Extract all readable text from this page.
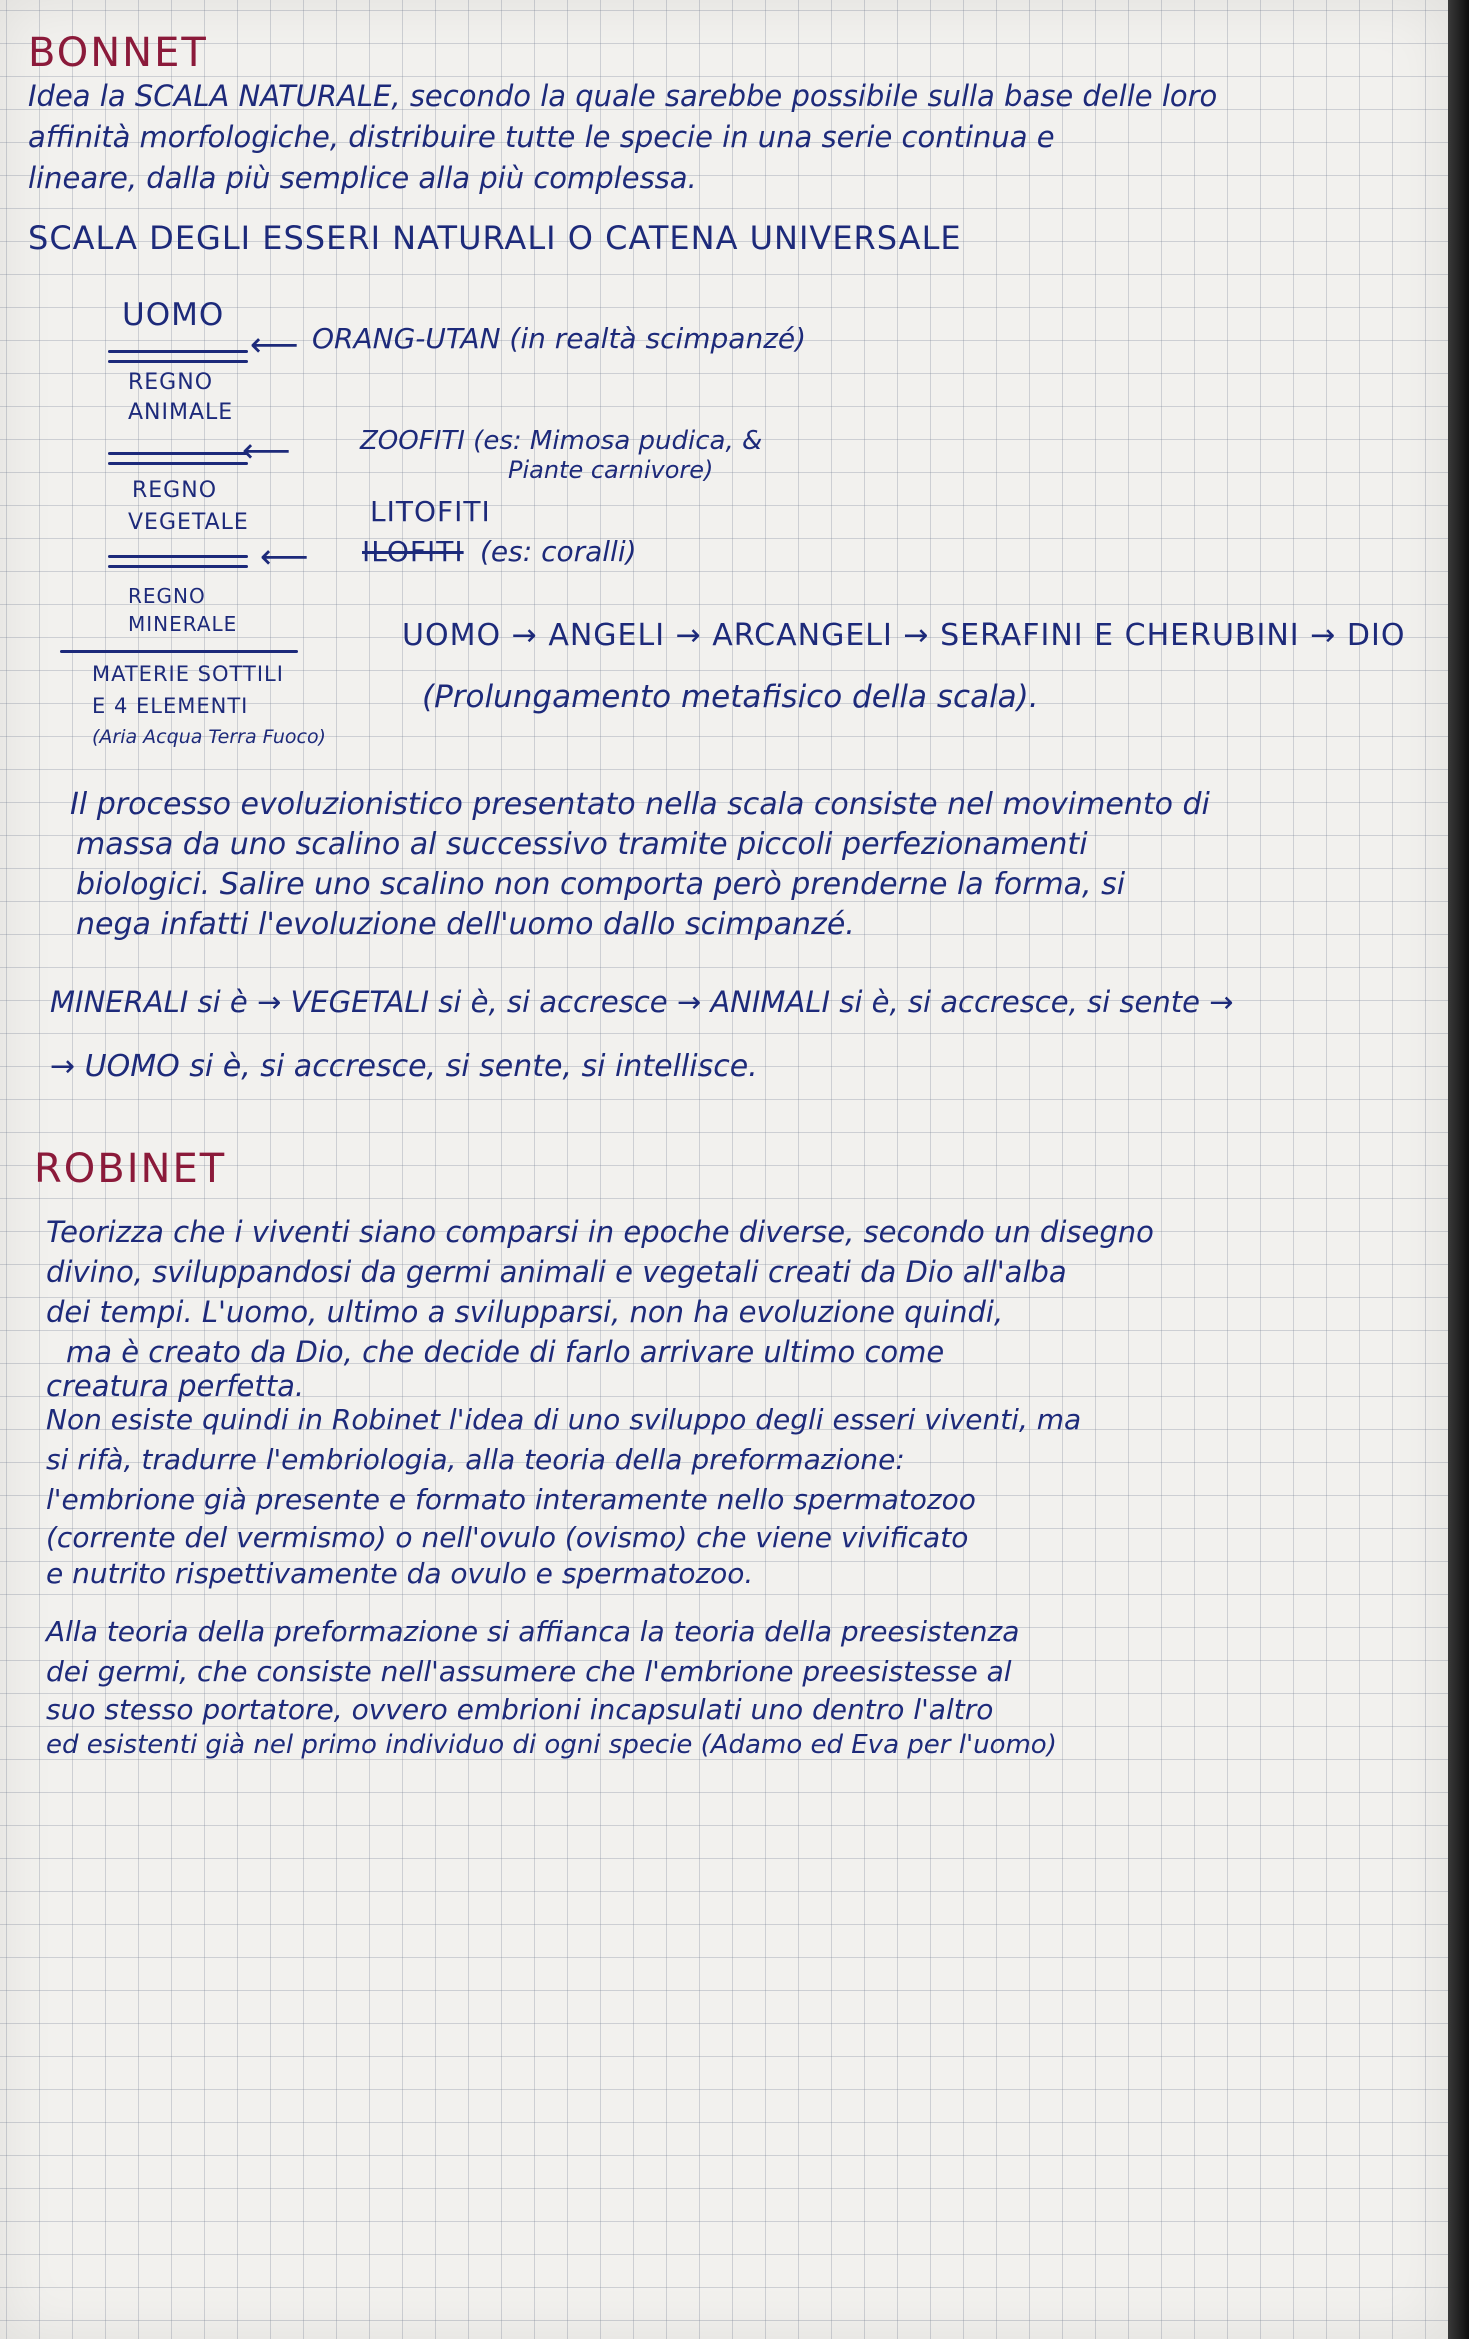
BONNET
Idea la SCALA NATURALE, secondo la quale sarebbe possibile sulla base delle loro
affinità morfologiche, distribuire tutte le specie in una serie continua e
lineare, dalla più semplice alla più complessa.
SCALA DEGLI ESSERI NATURALI O CATENA UNIVERSALE
UOMO
REGNO
ANIMALE
REGNO
VEGETALE
REGNO
MINERALE
MATERIE SOTTILI
E 4 ELEMENTI
(Aria Acqua Terra Fuoco)
⟵ ORANG-UTAN (in realtà scimpanzé)
⟵	ZOOFITI (es: Mimosa pudica, &
Piante carnivore)
LITOFITI
⟵ ILOFITI (es: coralli)
UOMO → ANGELI → ARCANGELI → SERAFINI E CHERUBINI → DIO
(Prolungamento metafisico della scala).
Il processo evoluzionistico presentato nella scala consiste nel movimento di
massa da uno scalino al successivo tramite piccoli perfezionamenti
biologici. Salire uno scalino non comporta però prenderne la forma, si
nega infatti l'evoluzione dell'uomo dallo scimpanzé.
MINERALI si è → VEGETALI si è, si accresce → ANIMALI si è, si accresce, si sente →
→ UOMO si è, si accresce, si sente, si intellisce.
ROBINET
Teorizza che i viventi siano comparsi in epoche diverse, secondo un disegno
divino, sviluppandosi da germi animali e vegetali creati da Dio all'alba
dei tempi. L'uomo, ultimo a svilupparsi, non ha evoluzione quindi,
ma è creato da Dio, che decide di farlo arrivare ultimo come
creatura perfetta.
Non esiste quindi in Robinet l'idea di uno sviluppo degli esseri viventi, ma
si rifà, tradurre l'embriologia, alla teoria della preformazione:
l'embrione già presente e formato interamente nello spermatozoo
(corrente del vermismo) o nell'ovulo (ovismo) che viene vivificato
e nutrito rispettivamente da ovulo e spermatozoo.
Alla teoria della preformazione si affianca la teoria della preesistenza
dei germi, che consiste nell'assumere che l'embrione preesistesse al
suo stesso portatore, ovvero embrioni incapsulati uno dentro l'altro
ed esistenti già nel primo individuo di ogni specie (Adamo ed Eva per l'uomo)
